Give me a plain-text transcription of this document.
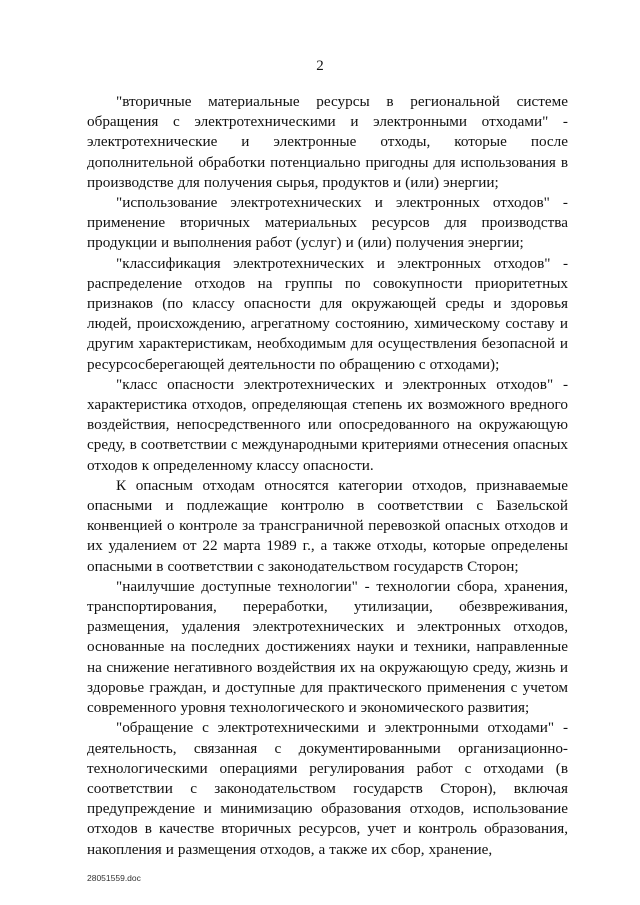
2

"вторичные материальные ресурсы в региональной системе обращения с электротехническими и электронными отходами" - электротехнические и электронные отходы, которые после дополнительной обработки потенциально пригодны для использования в производстве для получения сырья, продуктов и (или) энергии;

"использование электротехнических и электронных отходов" - применение вторичных материальных ресурсов для производства продукции и выполнения работ (услуг) и (или) получения энергии;

"классификация электротехнических и электронных отходов" - распределение отходов на группы по совокупности приоритетных признаков (по классу опасности для окружающей среды и здоровья людей, происхождению, агрегатному состоянию, химическому составу и другим характеристикам, необходимым для осуществления безопасной и ресурсосберегающей деятельности по обращению с отходами);

"класс опасности электротехнических и электронных отходов" - характеристика отходов, определяющая степень их возможного вредного воздействия, непосредственного или опосредованного на окружающую среду, в соответствии с международными критериями отнесения опасных отходов к определенному классу опасности.

К опасным отходам относятся категории отходов, признаваемые опасными и подлежащие контролю в соответствии с Базельской конвенцией о контроле за трансграничной перевозкой опасных отходов и их удалением от 22 марта 1989 г., а также отходы, которые определены опасными в соответствии с законодательством государств Сторон;

"наилучшие доступные технологии" - технологии сбора, хранения, транспортирования, переработки, утилизации, обезвреживания, размещения, удаления электротехнических и электронных отходов, основанные на последних достижениях науки и техники, направленные на снижение негативного воздействия их на окружающую среду, жизнь и здоровье граждан, и доступные для практического применения с учетом современного уровня технологического и экономического развития;

"обращение с электротехническими и электронными отходами" - деятельность, связанная с документированными организационно-технологическими операциями регулирования работ с отходами (в соответствии с законодательством государств Сторон), включая предупреждение и минимизацию образования отходов, использование отходов в качестве вторичных ресурсов, учет и контроль образования, накопления и размещения отходов, а также их сбор, хранение,

28051559.doc
